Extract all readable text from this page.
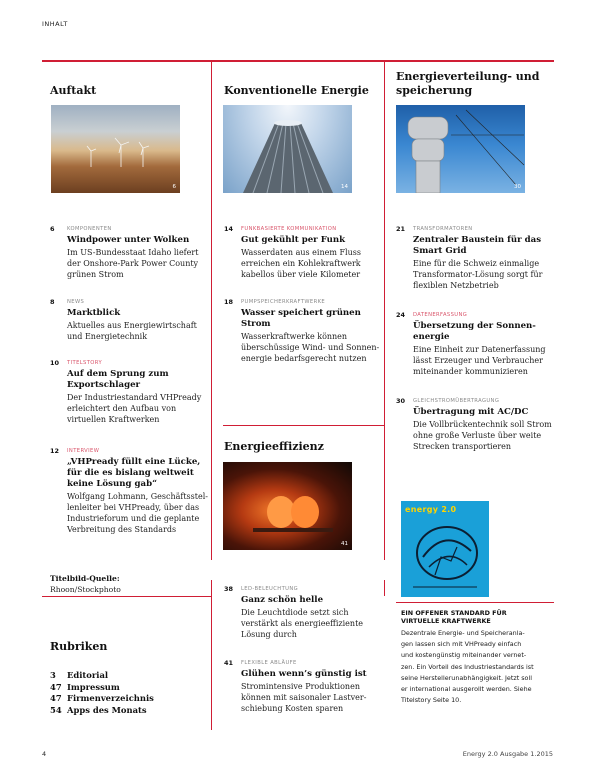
INHALT
Auftakt	Konventionelle Energie
Energieverteilung- und speicherung
Energieeffizienz
Rubriken
6	14	30
41
6 KOMPONENTEN
Windpower unter Wolken
Im US-Bundesstaat Idaho liefert
der Onshore-Park Power County
grünen Strom
8 NEWS
Marktblick
Aktuelles aus Energiewirtschaft
und Energietechnik
10 TITELSTORY
Auf dem Sprung zum
Exportschlager
Der Industriestandard VHPready
erleichtert den Aufbau von
virtuellen Kraftwerken
12 INTERVIEW
„VHPready füllt eine Lücke,
für die es bislang weltweit
keine Lösung gab“
Wolfgang Lohmann, Geschäftsstel-
lenleiter bei VHPready, über das
Industrieforum und die geplante
Verbreitung des Standards
Titelbild-Quelle:
Rhoon/Stockphoto
3 Editorial
47 Impressum
47 Firmenverzeichnis
54 Apps des Monats
14 FUNKBASIERTE KOMMUNIKATION
Gut gekühlt per Funk
Wasserdaten aus einem Fluss
erreichen ein Kohlekraftwerk
kabellos über viele Kilometer
18 PUMPSPEICHERKRAFTWERKE
Wasser speichert grünen
Strom
Wasserkraftwerke können
überschüssige Wind- und Sonnen-
energie bedarfsgerecht nutzen
38 LED-BELEUCHTUNG
Ganz schön helle
Die Leuchtdiode setzt sich
verstärkt als energieeffiziente
Lösung durch
41 FLEXIBLE ABLÄUFE
Glühen wenn’s günstig ist
Stromintensive Produktionen
können mit saisonaler Lastver-
schiebung Kosten sparen
21 TRANSFORMATOREN
Zentraler Baustein für das
Smart Grid
Eine für die Schweiz einmalige
Transformator-Lösung sorgt für
flexiblen Netzbetrieb
24 DATENERFASSUNG
Übersetzung der Sonnen-
energie
Eine Einheit zur Datenerfassung
lässt Erzeuger und Verbraucher
miteinander kommunizieren
30 GLEICHSTROMÜBERTRAGUNG
Übertragung mit AC/DC
Die Vollbrückentechnik soll Strom
ohne große Verluste über weite
Strecken transportieren
energy 2.0
EIN OFFENER STANDARD FÜR
VIRTUELLE KRAFTWERKE
Dezentrale Energie- und Speicheranla-
gen lassen sich mit VHPready einfach
und kostengünstig miteinander vernet-
zen. Ein Vorteil des Industriestandards ist
seine Herstellerunabhängigkeit. Jetzt soll
er international ausgerollt werden. Siehe
Titelstory Seite 10.
4	Energy 2.0 Ausgabe 1.2015
